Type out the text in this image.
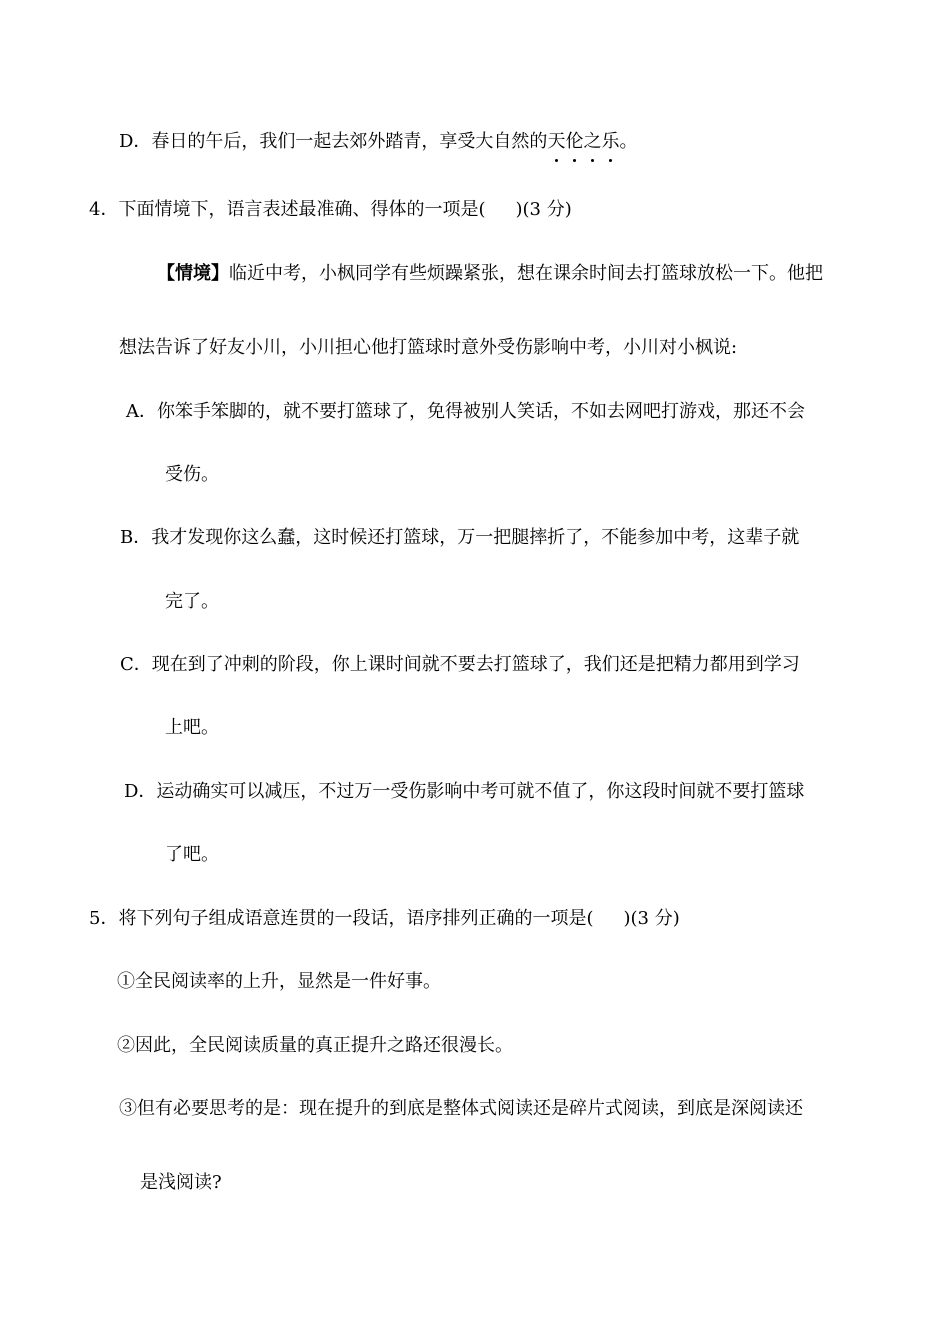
D．春日的午后，我们一起去郊外踏青，享受大自然的天伦之乐。
4．下面情境下，语言表述最准确、得体的一项是( )(3 分)
【情境】临近中考，小枫同学有些烦躁紧张，想在课余时间去打篮球放松一下。他把
想法告诉了好友小川，小川担心他打篮球时意外受伤影响中考，小川对小枫说:
A．你笨手笨脚的，就不要打篮球了，免得被别人笑话，不如去网吧打游戏，那还不会
受伤。
B．我才发现你这么蠢，这时候还打篮球，万一把腿摔折了，不能参加中考，这辈子就
完了。
C．现在到了冲刺的阶段，你上课时间就不要去打篮球了，我们还是把精力都用到学习
上吧。
D．运动确实可以减压，不过万一受伤影响中考可就不值了，你这段时间就不要打篮球
了吧。
5．将下列句子组成语意连贯的一段话，语序排列正确的一项是( )(3 分)
①全民阅读率的上升，显然是一件好事。
②因此，全民阅读质量的真正提升之路还很漫长。
③但有必要思考的是：现在提升的到底是整体式阅读还是碎片式阅读，到底是深阅读还
是浅阅读?
